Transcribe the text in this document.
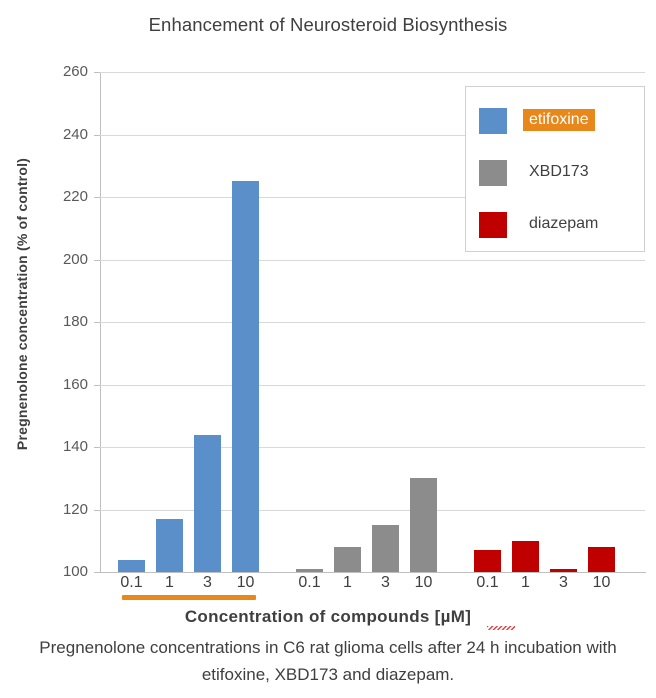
Enhancement of Neurosteroid Biosynthesis
Pregnenolone concentration (% of control)
100
120
140
160
180
200
220
240
260
0.1	1	3	10	0.1	1	3	10	0.1	1	3	10
Concentration of compounds [µM]
Pregnenolone concentrations in C6 rat glioma cells after 24 h incubation with etifoxine, XBD173 and diazepam.
etifoxine
XBD173
diazepam
